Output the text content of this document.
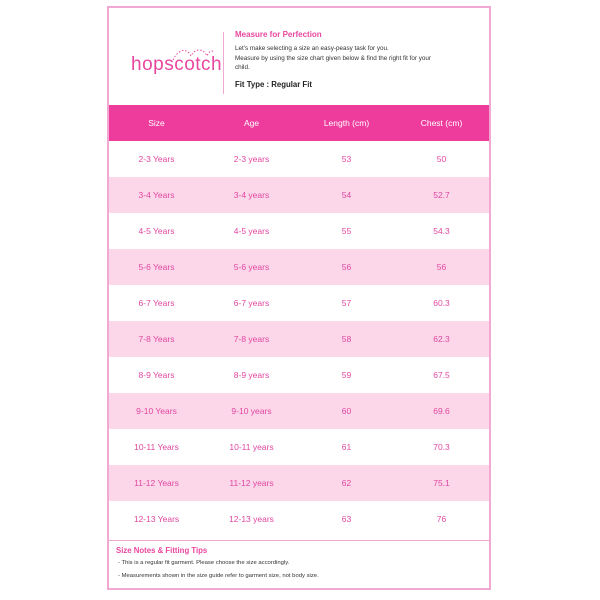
hopscotch
Measure for Perfection
Let's make selecting a size an easy-peasy task for you.
Measure by using the size chart given below & find the right fit for your
child.
Fit Type : Regular Fit
Size	Age	Length (cm)	Chest (cm)
2-3 Years	2-3 years	53	50
3-4 Years	3-4 years	54	52.7
4-5 Years	4-5 years	55	54.3
5-6 Years	5-6 years	56	56
6-7 Years	6-7 years	57	60.3
7-8 Years	7-8 years	58	62.3
8-9 Years	8-9 years	59	67.5
9-10 Years	9-10 years	60	69.6
10-11 Years	10-11 years	61	70.3
11-12 Years	11-12 years	62	75.1
12-13 Years	12-13 years	63	76
Size Notes & Fitting Tips
- This is a regular fit garment. Please choose the size accordingly.
- Measurements shown in the size guide refer to garment size, not body size.
